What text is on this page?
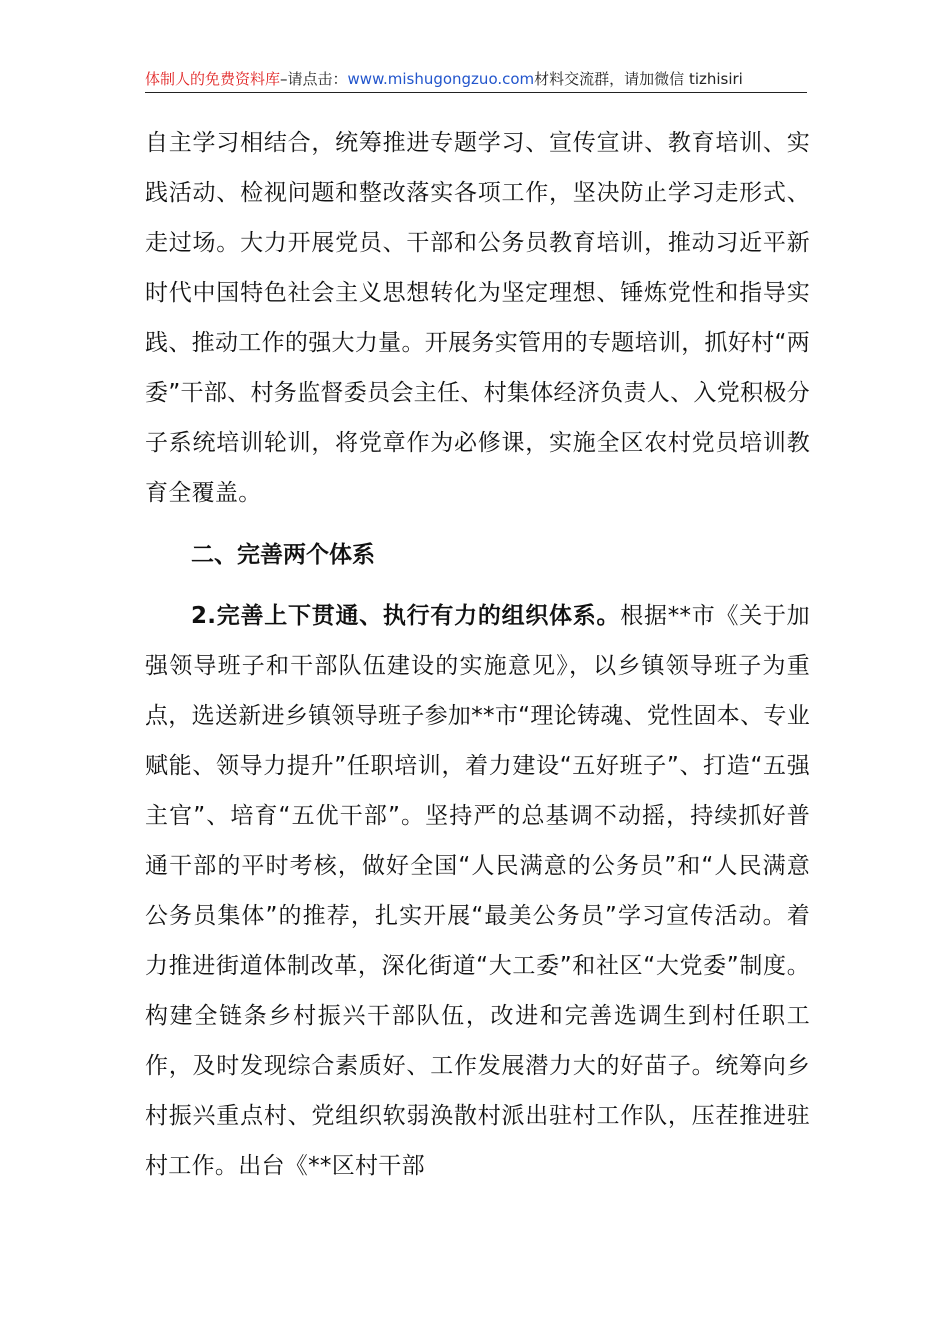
体制人的免费资料库–请点击：www.mishugongzuo.com材料交流群，请加微信 tizhisiri

自主学习相结合，统筹推进专题学习、宣传宣讲、教育培训、实践活动、检视问题和整改落实各项工作，坚决防止学习走形式、走过场。大力开展党员、干部和公务员教育培训，推动习近平新时代中国特色社会主义思想转化为坚定理想、锤炼党性和指导实践、推动工作的强大力量。开展务实管用的专题培训，抓好村“两委”干部、村务监督委员会主任、村集体经济负责人、入党积极分子系统培训轮训，将党章作为必修课，实施全区农村党员培训教育全覆盖。

二、完善两个体系

2.完善上下贯通、执行有力的组织体系。根据**市《关于加强领导班子和干部队伍建设的实施意见》，以乡镇领导班子为重点，选送新进乡镇领导班子参加**市“理论铸魂、党性固本、专业赋能、领导力提升”任职培训，着力建设“五好班子”、打造“五强主官”、培育“五优干部”。坚持严的总基调不动摇，持续抓好普通干部的平时考核，做好全国“人民满意的公务员”和“人民满意公务员集体”的推荐，扎实开展“最美公务员”学习宣传活动。着力推进街道体制改革，深化街道“大工委”和社区“大党委”制度。构建全链条乡村振兴干部队伍，改进和完善选调生到村任职工作，及时发现综合素质好、工作发展潜力大的好苗子。统筹向乡村振兴重点村、党组织软弱涣散村派出驻村工作队，压茬推进驻村工作。出台《**区村干部
